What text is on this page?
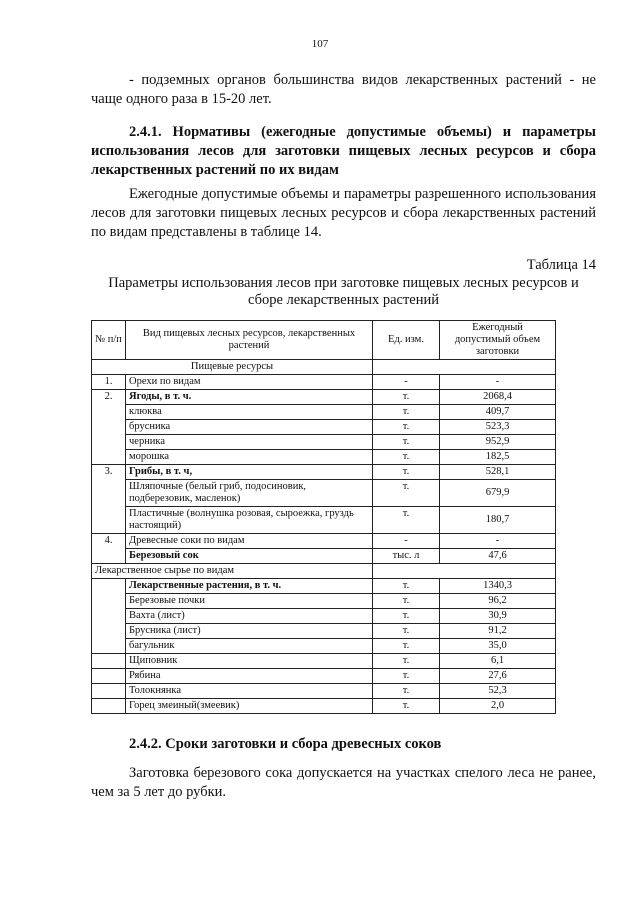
107

- подземных органов большинства видов лекарственных растений - не чаще одного раза в 15-20 лет.

2.4.1. Нормативы (ежегодные допустимые объемы) и параметры использования лесов для заготовки пищевых лесных ресурсов и сбора лекарственных растений по их видам

Ежегодные допустимые объемы и параметры разрешенного использования лесов для заготовки пищевых лесных ресурсов и сбора лекарственных растений по видам представлены в таблице 14.

Таблица 14
Параметры использования лесов при заготовке пищевых лесных ресурсов и сборе лекарственных растений
№ п/п	Вид пищевых лесных ресурсов, лекарственных растений	Ед. изм.	Ежегодный допустимый объем заготовки
Пищевые ресурсы			
1.	Орехи по видам	-	-
2.	Ягоды, в т. ч.	т.	2068,4
	клюква	т.	409,7
	брусника	т.	523,3
	черника	т.	952,9
	морошка	т.	182,5
3.	Грибы, в т. ч,	т.	528,1
	Шляпочные (белый гриб, подосиновик, подберезовик, масленок)	т.	679,9
	Пластичные (волнушка розовая, сыроежка, груздь настоящий)	т.	180,7
4.	Древесные соки по видам	-	-
	Березовый сок	тыс. л	47,6
Лекарственное сырье по видам			
	Лекарственные растения, в т. ч.	т.	1340,3
	Березовые почки	т.	96,2
	Вахта (лист)	т.	30,9
	Брусника (лист)	т.	91,2
	багульник	т.	35,0
	Щиповник	т.	6,1
	Рябина	т.	27,6
	Толокнянка	т.	52,3
	Горец змеиный(змеевик)	т.	2,0
2.4.2. Сроки заготовки и сбора древесных соков

Заготовка березового сока допускается на участках спелого леса не ранее, чем за 5 лет до рубки.
